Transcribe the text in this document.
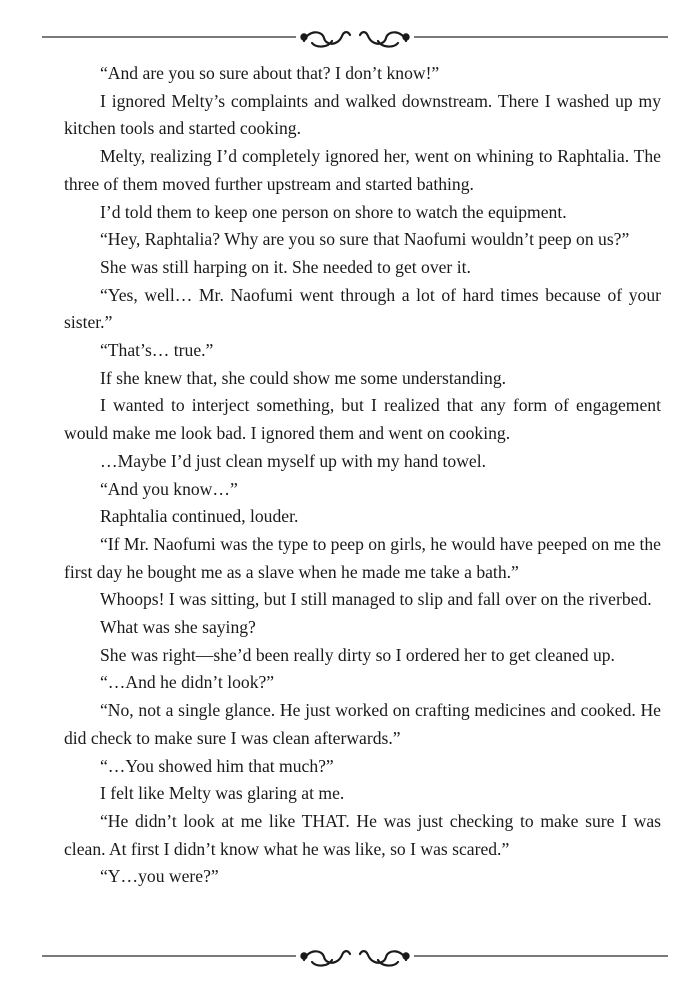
“And are you so sure about that? I don’t know!”

I ignored Melty’s complaints and walked downstream. There I washed up my kitchen tools and started cooking.

Melty, realizing I’d completely ignored her, went on whining to Raphtalia. The three of them moved further upstream and started bathing.

I’d told them to keep one person on shore to watch the equipment.

“Hey, Raphtalia? Why are you so sure that Naofumi wouldn’t peep on us?”

She was still harping on it. She needed to get over it.

“Yes, well… Mr. Naofumi went through a lot of hard times because of your sister.”

“That’s… true.”

If she knew that, she could show me some understanding.

I wanted to interject something, but I realized that any form of engagement would make me look bad. I ignored them and went on cooking.

…Maybe I’d just clean myself up with my hand towel.

“And you know…”

Raphtalia continued, louder.

“If Mr. Naofumi was the type to peep on girls, he would have peeped on me the first day he bought me as a slave when he made me take a bath.”

Whoops! I was sitting, but I still managed to slip and fall over on the riverbed.

What was she saying?

She was right—she’d been really dirty so I ordered her to get cleaned up.

“…And he didn’t look?”

“No, not a single glance. He just worked on crafting medicines and cooked. He did check to make sure I was clean afterwards.”

“…You showed him that much?”

I felt like Melty was glaring at me.

“He didn’t look at me like THAT. He was just checking to make sure I was clean. At first I didn’t know what he was like, so I was scared.”

“Y…you were?”
